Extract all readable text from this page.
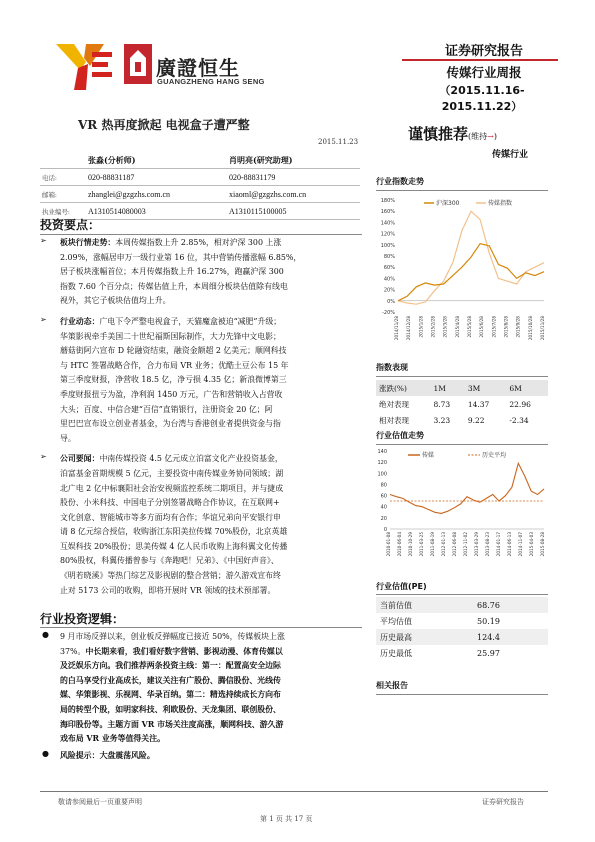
廣證恒生
GUANGZHENG HANG SENG
证券研究报告
传媒行业周报
（2015.11.16-2015.11.22）
VR 热再度掀起 电视盒子遭严整
2015.11.23
	张淼(分析师)	肖明亮(研究助理)
电话:	020-88831187	020-88831179
邮箱:	zhanglei@gzgzhs.com.cn	xiaoml@gzgzhs.com.cn
执业编号:	A1310514080003	A1310115100005
投资要点：
➢ 板块行情走势：本周传媒指数上升 2.85%，相对沪深 300 上涨
2.09%，涨幅居申万一级行业第 16 位，其中营销传播涨幅 6.85%，
居子板块涨幅首位；本月传媒指数上升 16.27%，跑赢沪深 300
指数 7.60 个百分点；传媒估值上升，本周细分板块估值除有线电
视外，其它子板块估值均上升。
➢ 行业动态：广电下令严整电视盒子，天猫魔盒被迫“减肥”升级；
华策影视牵手美国二十世纪福斯国际制作，大力先锋中文电影；
蘑菇街阿六宣布 D 轮融资结束，融资金额超 2 亿美元；顺网科技
与 HTC 签署战略合作，合力布局 VR 业务；优酷土豆公布 15 年
第三季度财报，净营收 18.5 亿，净亏损 4.35 亿；新浪微博第三
季度财报扭亏为盈，净利润 1450 万元，广告和营销收入占营收
大头；百度、中信合建“百信”直销银行，注册资金 20 亿；阿
里巴巴宣布设立创业者基金，为台湾与香港创业者提供资金与指
导。
➢ 公司要闻：中南传媒投资 4.5 亿元成立泊富文化产业投资基金，
泊富基金首期规模 5 亿元，主要投资中南传媒业务协同领域；湖
北广电 2 亿中标襄阳社会治安视频监控系统二期项目，并与捷成
股份、小米科技、中国电子分别签署战略合作协议，在互联网+
文化创意、智能城市等多方面均有合作；华谊兄弟向平安银行申
请 8 亿元综合授信，收购浙江东阳美拉传媒 70%股份，北京英雄
互娱科技 20%股份；思美传媒 4 亿人民币收购上海科翼文化传播
80%股权，科翼传播曾参与《奔跑吧！兄弟》、《中国好声音》、
《明若晓溪》等热门综艺及影视剧的整合营销；游久游戏宣布终
止对 5173 公司的收购，即将开展时 VR 领域的技术预部署。
行业投资逻辑：
● 9 月市场反弹以来，创业板反弹幅度已接近 50%，传媒板块上涨
37%。中长期来看，我们看好数字营销、影视动漫、体育传媒以
及泛娱乐方向。我们推荐两条投资主线：第一：配置高安全边际
的白马享受行业高成长，建议关注有广股份、腾信股份、光线传
媒、华策影视、乐视网、华录百纳。第二：精选持续成长方向布
局的转型个股，如明家科技、利欧股份、天龙集团、联创股份、
海印股份等。主题方面 VR 市场关注度高涨，顺网科技、游久游
戏布局 VR 业务等值得关注。
● 风险提示：大盘震荡风险。
谨慎推荐(维持→)
传媒行业
行业指数走势
180%
160%
140%
120%
100%
80%
60%
40%
20%
0%
-20%
沪深300	传媒指数
2014/11/28 2014/12/28 2015/1/28 2015/2/28 2015/3/28 2015/4/28 2015/5/28 2015/6/28 2015/7/28 2015/8/28 2015/9/28 2015/10/28 2015/11/28
指数表现
涨跌(%)	1M	3M	6M
绝对表现	8.73	14.37	22.96
相对表现	3.23	9.22	-2.34
行业估值走势
140
120
100
80
60
40
20
0
传媒	历史平均
2010-01-08 2010-06-04 2010-10-29 2011-03-25 2011-08-19 2012-01-13 2012-06-08 2012-11-02 2013-03-29 2013-08-23 2014-01-17 2014-06-13 2014-11-07 2015-04-03 2015-08-28
行业估值(PE)
当前估值	68.76
平均估值	50.19
历史最高	124.4
历史最低	25.97
相关报告
敬请参阅最后一页重要声明	证券研究报告
第 1 页 共 17 页
